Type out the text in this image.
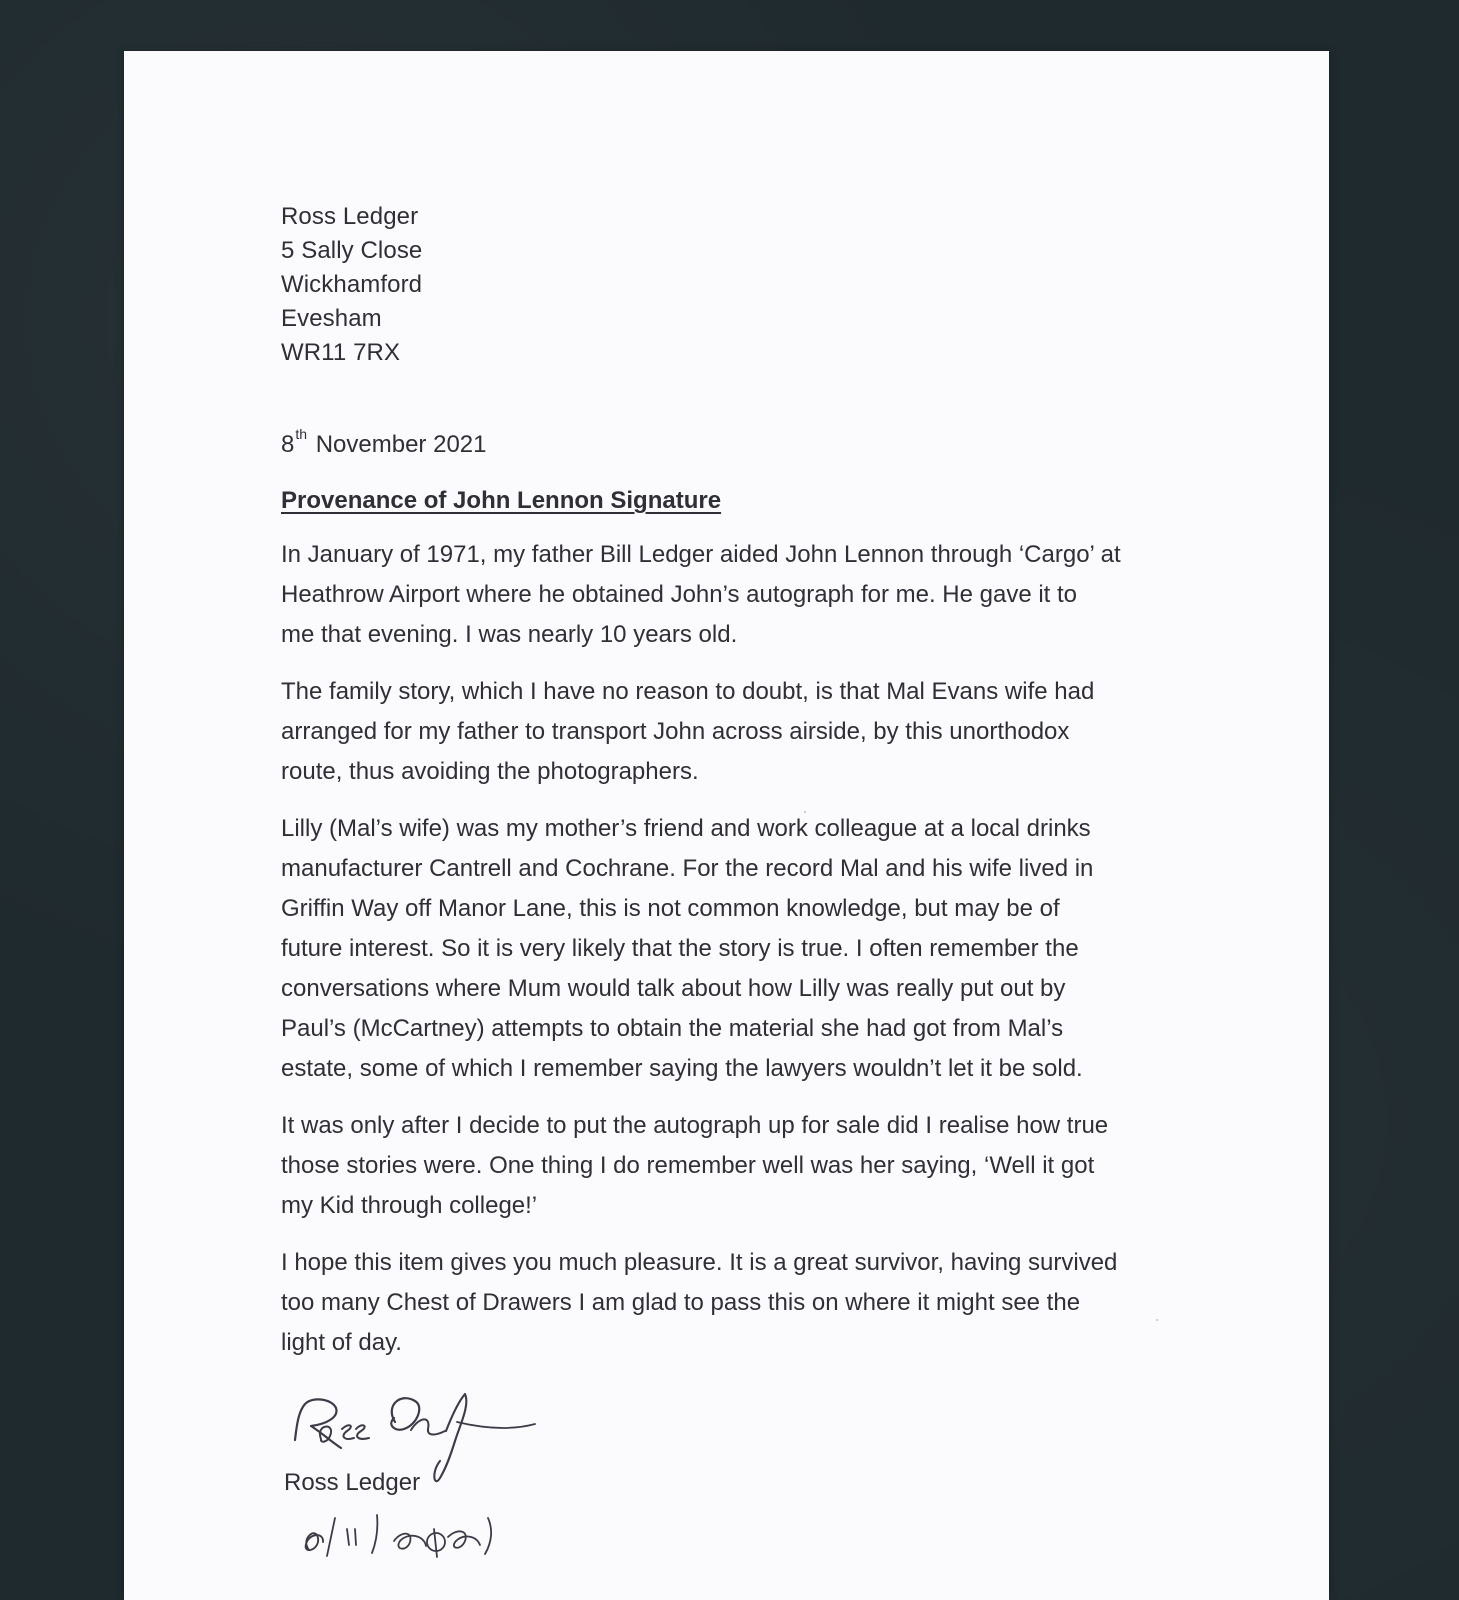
Ross Ledger

5 Sally Close

Wickhamford

Evesham

WR11 7RX

8th November 2021
Provenance of John Lennon Signature
In January of 1971, my father Bill Ledger aided John Lennon through ‘Cargo’ at
Heathrow Airport where he obtained John’s autograph for me. He gave it to
me that evening. I was nearly 10 years old.
The family story, which I have no reason to doubt, is that Mal Evans wife had
arranged for my father to transport John across airside, by this unorthodox
route, thus avoiding the photographers.
Lilly (Mal’s wife) was my mother’s friend and work colleague at a local drinks
manufacturer Cantrell and Cochrane. For the record Mal and his wife lived in
Griffin Way off Manor Lane, this is not common knowledge, but may be of
future interest. So it is very likely that the story is true. I often remember the
conversations where Mum would talk about how Lilly was really put out by
Paul’s (McCartney) attempts to obtain the material she had got from Mal’s
estate, some of which I remember saying the lawyers wouldn’t let it be sold.
It was only after I decide to put the autograph up for sale did I realise how true
those stories were. One thing I do remember well was her saying, ‘Well it got
my Kid through college!’
I hope this item gives you much pleasure. It is a great survivor, having survived
too many Chest of Drawers I am glad to pass this on where it might see the
light of day.
Ross Ledger
